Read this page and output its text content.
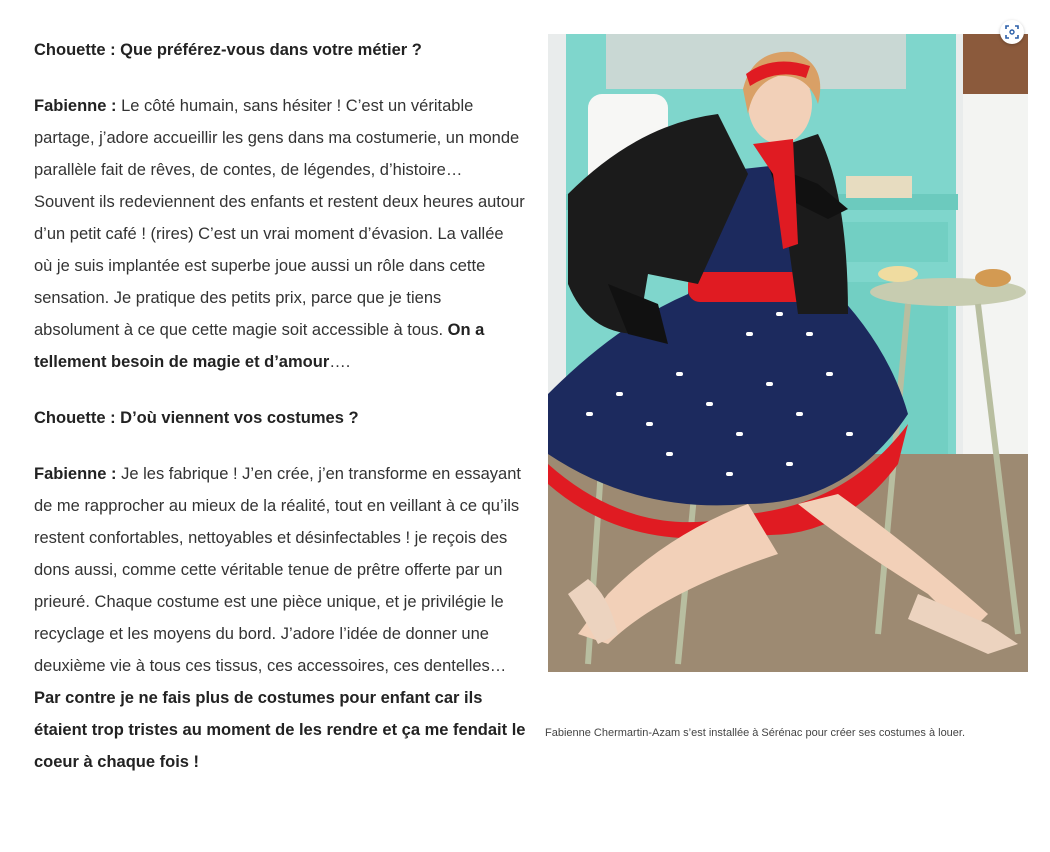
Chouette : Que préférez-vous dans votre métier ?

Fabienne : Le côté humain, sans hésiter ! C’est un véritable partage, j’adore accueillir les gens dans ma costumerie, un monde parallèle fait de rêves, de contes, de légendes, d’histoire… Souvent ils redeviennent des enfants et restent deux heures autour d’un petit café ! (rires) C’est un vrai moment d’évasion. La vallée où je suis implantée est superbe joue aussi un rôle dans cette sensation. Je pratique des petits prix, parce que je tiens absolument à ce que cette magie soit accessible à tous. On a tellement besoin de magie et d’amour….

Chouette : D’où viennent vos costumes ?

Fabienne : Je les fabrique ! J’en crée, j’en transforme en essayant de me rapprocher au mieux de la réalité, tout en veillant à ce qu’ils restent confortables, nettoyables et désinfectables ! je reçois des dons aussi, comme cette véritable tenue de prêtre offerte par un prieuré. Chaque costume est une pièce unique, et je privilégie le recyclage et les moyens du bord. J’adore l’idée de donner une deuxième vie à tous ces tissus, ces accessoires, ces dentelles… Par contre je ne fais plus de costumes pour enfant car ils étaient trop tristes au moment de les rendre et ça me fendait le coeur à chaque fois !

Fabienne Chermartin-Azam s’est installée à Sérénac pour créer ses costumes à louer.
